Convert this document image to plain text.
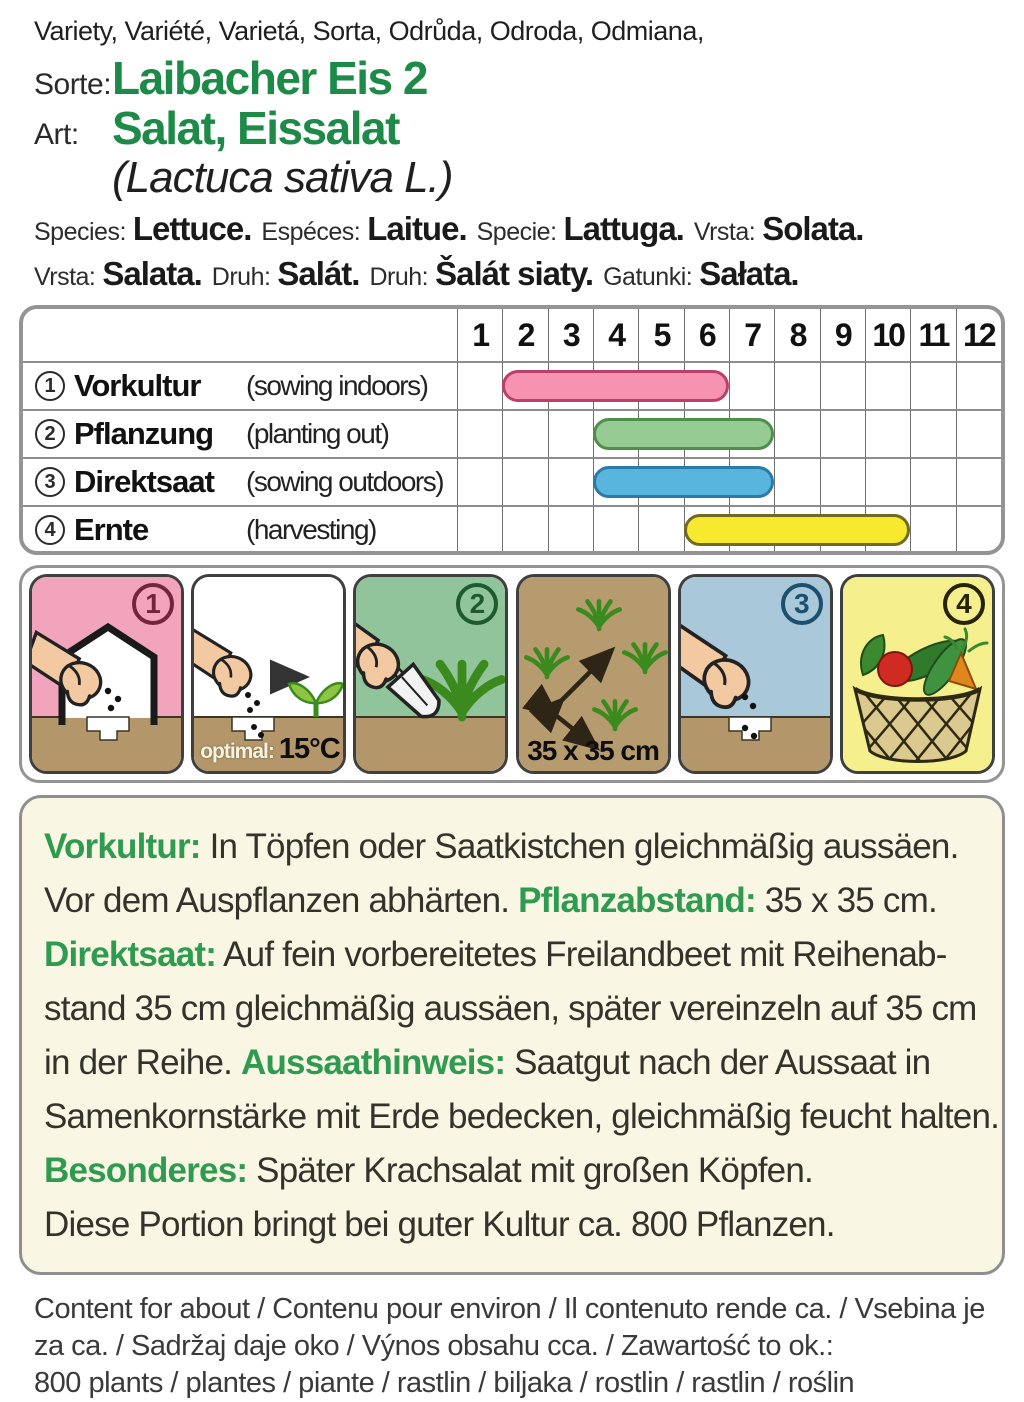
Variety, Variété, Varietá, Sorta, Odrůda, Odroda, Odmiana,
Sorte: Laibacher Eis 2
Art: Salat, Eissalat
(Lactuca sativa L.)
Species: Lettuce. Espéces: Laitue. Specie: Lattuga. Vrsta: Solata.
Vrsta: Salata. Druh: Salát. Druh: Šalát siaty. Gatunki: Sałata.
1 2 3 4 5 6 7 8 9 10 11 12
1 Vorkultur	(sowing indoors)
2 Pflanzung	(planting out)
3 Direktsaat	(sowing outdoors)
4 Ernte	(harvesting)
1
optimal: 15°C
2
35 x 35 cm
3	4
Vorkultur: In Töpfen oder Saatkistchen gleichmäßig aussäen.
Vor dem Auspflanzen abhärten. Pflanzabstand: 35 x 35 cm.
Direktsaat: Auf fein vorbereitetes Freilandbeet mit Reihenab-
stand 35 cm gleichmäßig aussäen, später vereinzeln auf 35 cm
in der Reihe. Aussaathinweis: Saatgut nach der Aussaat in
Samenkornstärke mit Erde bedecken, gleichmäßig feucht halten.
Besonderes: Später Krachsalat mit großen Köpfen.
Diese Portion bringt bei guter Kultur ca. 800 Pflanzen.
Content for about / Contenu pour environ / Il contenuto rende ca. / Vsebina je
za ca. / Sadržaj daje oko / Výnos obsahu cca. / Zawartość to ok.:
800 plants / plantes / piante / rastlin / biljaka / rostlin / rastlin / roślin
